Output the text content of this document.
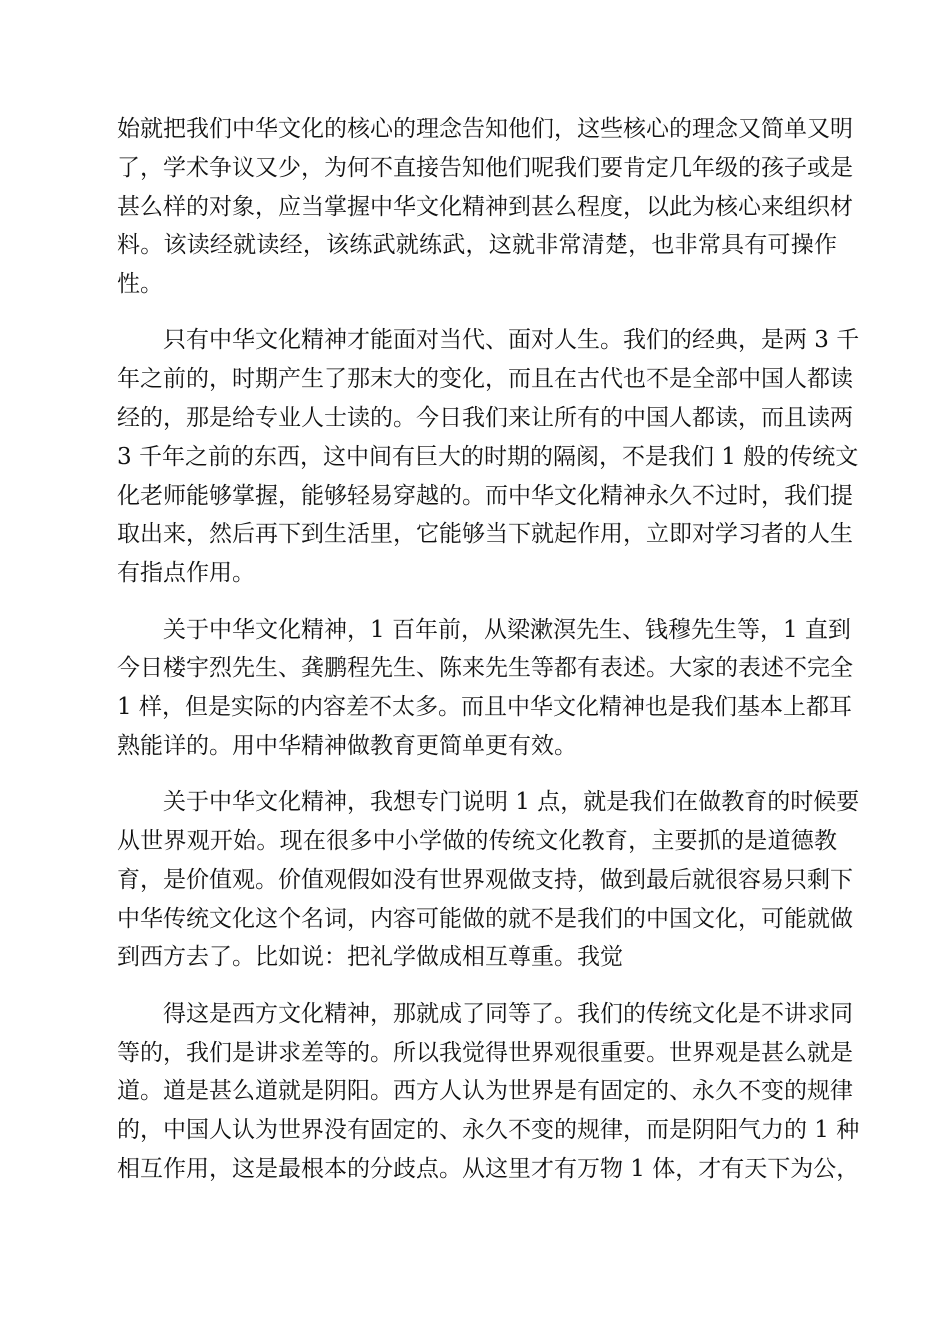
始就把我们中华文化的核心的理念告知他们，这些核心的理念又简单又明
了，学术争议又少，为何不直接告知他们呢我们要肯定几年级的孩子或是
甚么样的对象，应当掌握中华文化精神到甚么程度，以此为核心来组织材
料。该读经就读经，该练武就练武，这就非常清楚，也非常具有可操作
性。
　　只有中华文化精神才能面对当代、面对人生。我们的经典，是两 3 千
年之前的，时期产生了那末大的变化，而且在古代也不是全部中国人都读
经的，那是给专业人士读的。今日我们来让所有的中国人都读，而且读两
3 千年之前的东西，这中间有巨大的时期的隔阂，不是我们 1 般的传统文
化老师能够掌握，能够轻易穿越的。而中华文化精神永久不过时，我们提
取出来，然后再下到生活里，它能够当下就起作用，立即对学习者的人生
有指点作用。
　　关于中华文化精神，1 百年前，从梁漱溟先生、钱穆先生等，1 直到
今日楼宇烈先生、龚鹏程先生、陈来先生等都有表述。大家的表述不完全
1 样，但是实际的内容差不太多。而且中华文化精神也是我们基本上都耳
熟能详的。用中华精神做教育更简单更有效。
　　关于中华文化精神，我想专门说明 1 点，就是我们在做教育的时候要
从世界观开始。现在很多中小学做的传统文化教育，主要抓的是道德教
育，是价值观。价值观假如没有世界观做支持，做到最后就很容易只剩下
中华传统文化这个名词，内容可能做的就不是我们的中国文化，可能就做
到西方去了。比如说：把礼学做成相互尊重。我觉
　　得这是西方文化精神，那就成了同等了。我们的传统文化是不讲求同
等的，我们是讲求差等的。所以我觉得世界观很重要。世界观是甚么就是
道。道是甚么道就是阴阳。西方人认为世界是有固定的、永久不变的规律
的，中国人认为世界没有固定的、永久不变的规律，而是阴阳气力的 1 种
相互作用，这是最根本的分歧点。从这里才有万物 1 体，才有天下为公，
